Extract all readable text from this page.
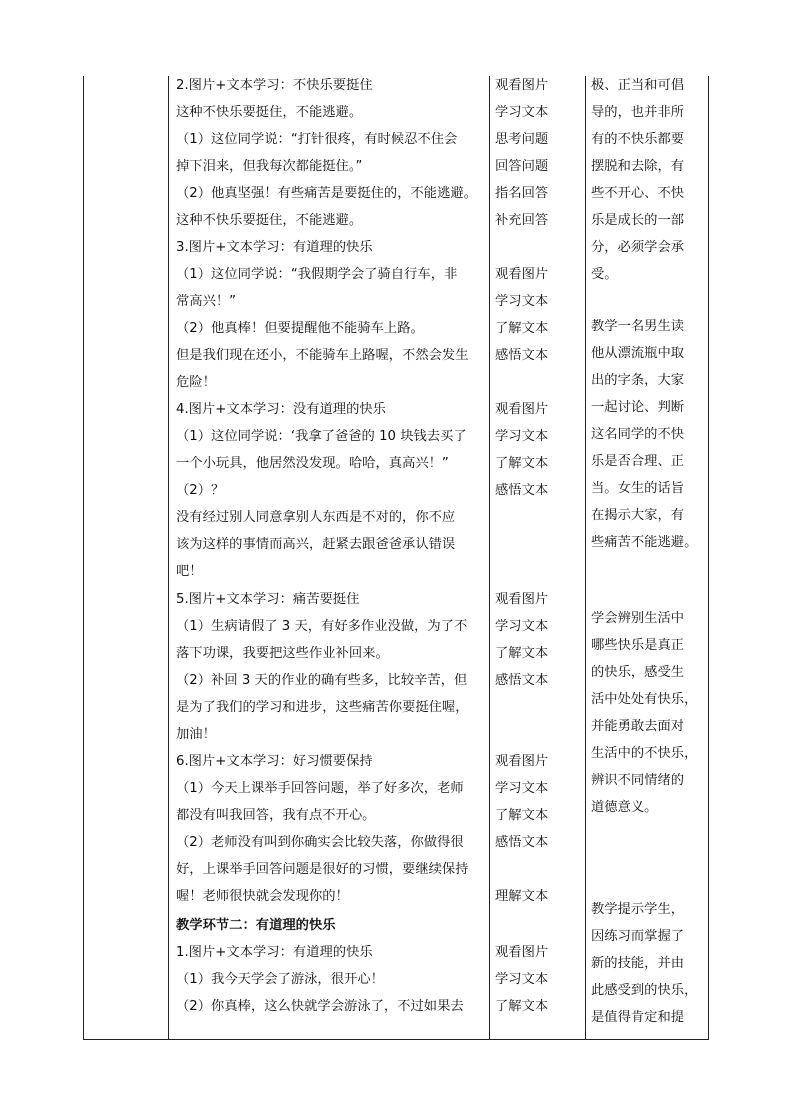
2.图片+文本学习：不快乐要挺住
这种不快乐要挺住，不能逃避。
（1）这位同学说：“打针很疼，有时候忍不住会
掉下泪来，但我每次都能挺住。”
（2）他真坚强！有些痛苦是要挺住的，不能逃避。
这种不快乐要挺住，不能逃避。
3.图片+文本学习：有道理的快乐
（1）这位同学说：“我假期学会了骑自行车，非
常高兴！”
（2）他真棒！但要提醒他不能骑车上路。
但是我们现在还小，不能骑车上路喔，不然会发生
危险！
4.图片+文本学习：没有道理的快乐
（1）这位同学说：‘我拿了爸爸的 10 块钱去买了
一个小玩具，他居然没发现。哈哈，真高兴！”
（2）？
没有经过别人同意拿别人东西是不对的，你不应
该为这样的事情而高兴，赶紧去跟爸爸承认错误
吧！
5.图片+文本学习：痛苦要挺住
（1）生病请假了 3 天，有好多作业没做，为了不
落下功课，我要把这些作业补回来。
（2）补回 3 天的作业的确有些多，比较辛苦，但
是为了我们的学习和进步，这些痛苦你要挺住喔，
加油！
6.图片+文本学习：好习惯要保持
（1）今天上课举手回答问题，举了好多次，老师
都没有叫我回答，我有点不开心。
（2）老师没有叫到你确实会比较失落，你做得很
好，上课举手回答问题是很好的习惯，要继续保持
喔！老师很快就会发现你的！
教学环节二：有道理的快乐
1.图片+文本学习：有道理的快乐
（1）我今天学会了游泳，很开心！
（2）你真棒，这么快就学会游泳了，不过如果去
观看图片
学习文本
思考问题
回答问题
指名回答
补充回答
观看图片
学习文本
了解文本
感悟文本
观看图片
学习文本
了解文本
感悟文本
观看图片
学习文本
了解文本
感悟文本
观看图片
学习文本
了解文本
感悟文本
理解文本
观看图片
学习文本
了解文本
极、正当和可倡
导的，也并非所
有的不快乐都要
摆脱和去除，有
些不开心、不快
乐是成长的一部
分，必须学会承
受。
教学一名男生读
他从漂流瓶中取
出的字条，大家
一起讨论、判断
这名同学的不快
乐是否合理、正
当。女生的话旨
在揭示大家，有
些痛苦不能逃避。
学会辨别生活中
哪些快乐是真正
的快乐，感受生
活中处处有快乐，
并能勇敢去面对
生活中的不快乐，
辨识不同情绪的
道德意义。
教学提示学生，
因练习而掌握了
新的技能，并由
此感受到的快乐，
是值得肯定和提
